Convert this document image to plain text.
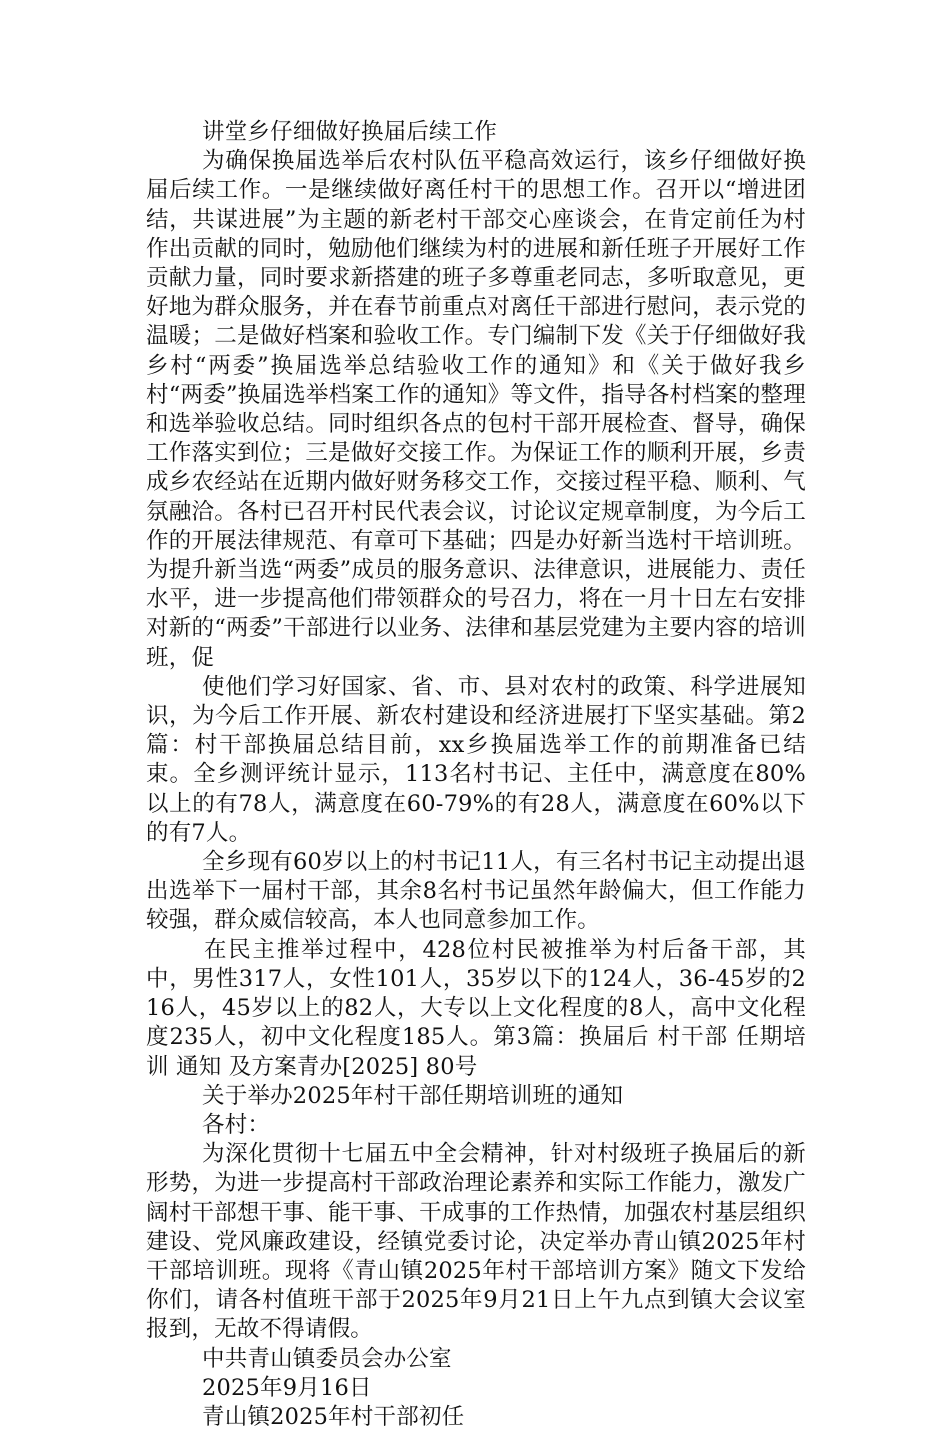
讲堂乡仔细做好换届后续工作

为确保换届选举后农村队伍平稳高效运行，该乡仔细做好换届后续工作。一是继续做好离任村干的思想工作。召开以“增进团结，共谋进展”为主题的新老村干部交心座谈会，在肯定前任为村作出贡献的同时，勉励他们继续为村的进展和新任班子开展好工作贡献力量，同时要求新搭建的班子多尊重老同志，多听取意见，更好地为群众服务，并在春节前重点对离任干部进行慰问，表示党的温暖；二是做好档案和验收工作。专门编制下发《关于仔细做好我乡村“两委”换届选举总结验收工作的通知》和《关于做好我乡村“两委”换届选举档案工作的通知》等文件，指导各村档案的整理和选举验收总结。同时组织各点的包村干部开展检查、督导，确保工作落实到位；三是做好交接工作。为保证工作的顺利开展，乡责成乡农经站在近期内做好财务移交工作，交接过程平稳、顺利、气氛融洽。各村已召开村民代表会议，讨论议定规章制度，为今后工作的开展法律规范、有章可下基础；四是办好新当选村干培训班。为提升新当选“两委”成员的服务意识、法律意识，进展能力、责任水平，进一步提高他们带领群众的号召力，将在一月十日左右安排对新的“两委”干部进行以业务、法律和基层党建为主要内容的培训班，促

使他们学习好国家、省、市、县对农村的政策、科学进展知识，为今后工作开展、新农村建设和经济进展打下坚实基础。第2篇：村干部换届总结目前，xx乡换届选举工作的前期准备已结束。全乡测评统计显示，113名村书记、主任中，满意度在80%以上的有78人，满意度在60-79%的有28人，满意度在60%以下的有7人。

全乡现有60岁以上的村书记11人，有三名村书记主动提出退出选举下一届村干部，其余8名村书记虽然年龄偏大，但工作能力较强，群众威信较高，本人也同意参加工作。

在民主推举过程中，428位村民被推举为村后备干部，其中，男性317人，女性101人，35岁以下的124人，36-45岁的216人，45岁以上的82人，大专以上文化程度的8人，高中文化程度235人，初中文化程度185人。第3篇：换届后 村干部 任期培训 通知 及方案青办[2025] 80号

关于举办2025年村干部任期培训班的通知

各村：

为深化贯彻十七届五中全会精神，针对村级班子换届后的新形势，为进一步提高村干部政治理论素养和实际工作能力，激发广阔村干部想干事、能干事、干成事的工作热情，加强农村基层组织建设、党风廉政建设，经镇党委讨论，决定举办青山镇2025年村干部培训班。现将《青山镇2025年村干部培训方案》随文下发给你们，请各村值班干部于2025年9月21日上午九点到镇大会议室报到，无故不得请假。

中共青山镇委员会办公室

2025年9月16日

青山镇2025年村干部初任
